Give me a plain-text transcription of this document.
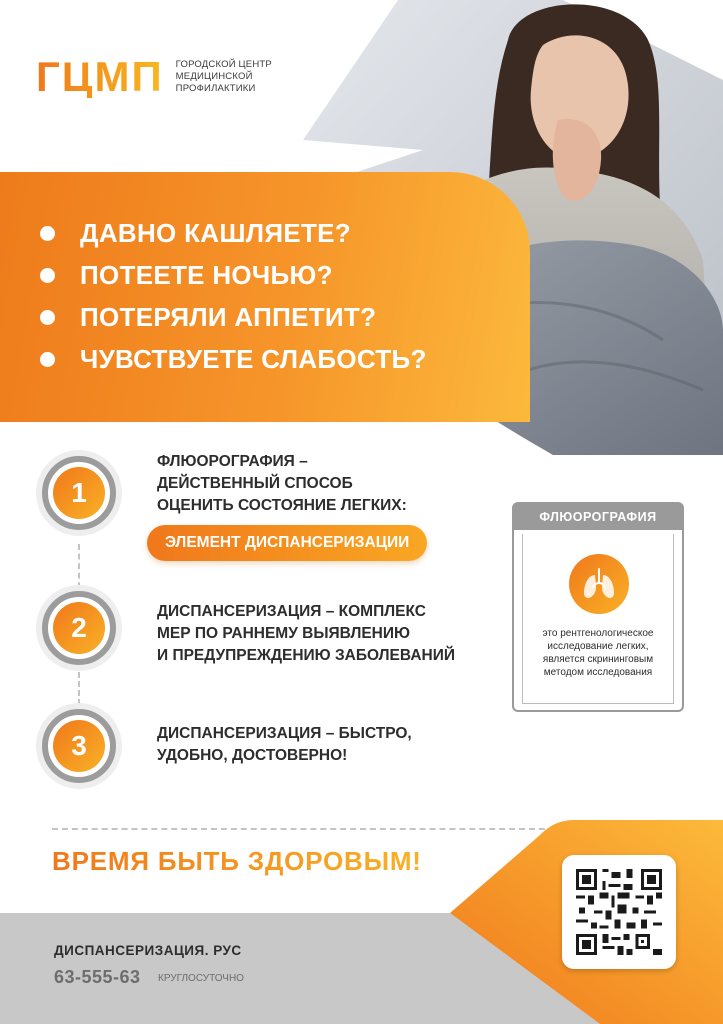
ГЦМП ГОРОДСКОЙ ЦЕНТР
МЕДИЦИНСКОЙ
ПРОФИЛАКТИКИ
ДАВНО КАШЛЯЕТЕ?
ПОТЕЕТЕ НОЧЬЮ?
ПОТЕРЯЛИ АППЕТИТ?
ЧУВСТВУЕТЕ СЛАБОСТЬ?
1
ФЛЮОРОГРАФИЯ –
ДЕЙСТВЕННЫЙ СПОСОБ
ОЦЕНИТЬ СОСТОЯНИЕ ЛЕГКИХ:
ЭЛЕМЕНТ ДИСПАНСЕРИЗАЦИИ
2
ДИСПАНСЕРИЗАЦИЯ – КОМПЛЕКС
МЕР ПО РАННЕМУ ВЫЯВЛЕНИЮ
И ПРЕДУПРЕЖДЕНИЮ ЗАБОЛЕВАНИЙ
3	ДИСПАНСЕРИЗАЦИЯ – БЫСТРО,
УДОБНО, ДОСТОВЕРНО!
ФЛЮОРОГРАФИЯ
это рентгенологическое
исследование легких,
является скрининговым
методом исследования
ВРЕМЯ БЫТЬ ЗДОРОВЫМ!
ДИСПАНСЕРИЗАЦИЯ. РУС
63-555-63 КРУГЛОСУТОЧНО
